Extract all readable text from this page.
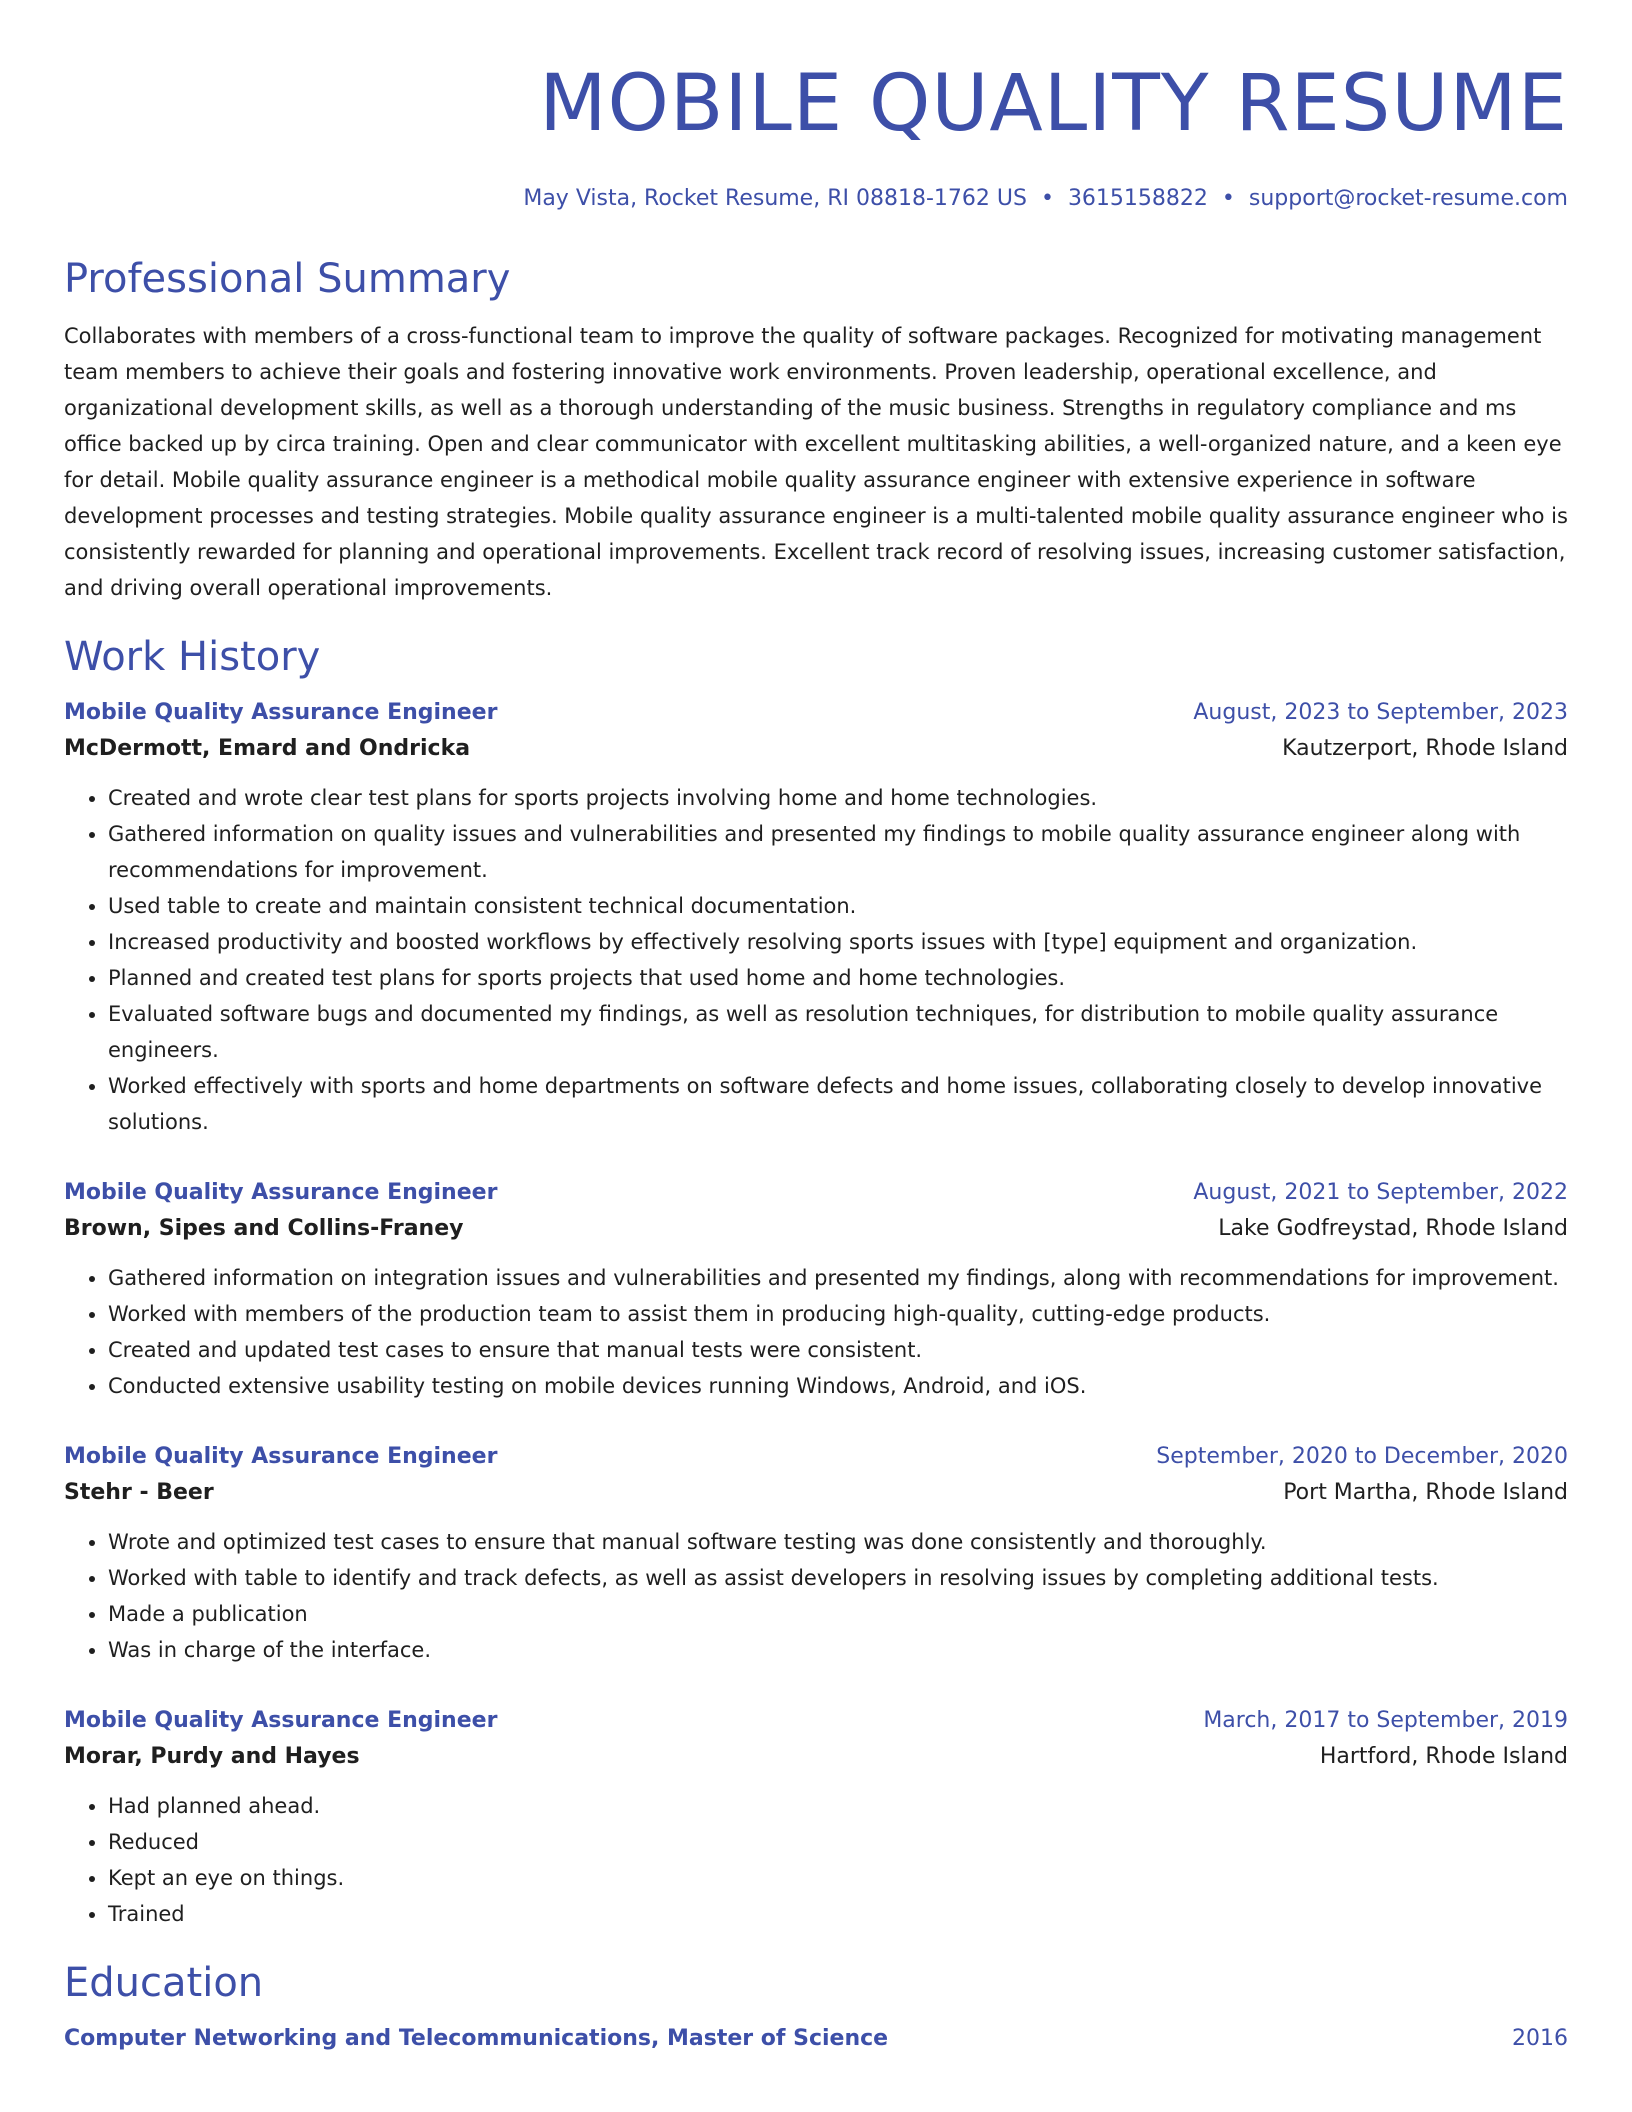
MOBILE QUALITY RESUME
May Vista, Rocket Resume, RI 08818-1762 US • 3615158822 • support@rocket-resume.com
Professional Summary
Collaborates with members of a cross-functional team to improve the quality of software packages. Recognized for motivating management team members to achieve their goals and fostering innovative work environments. Proven leadership, operational excellence, and organizational development skills, as well as a thorough understanding of the music business. Strengths in regulatory compliance and ms office backed up by circa training. Open and clear communicator with excellent multitasking abilities, a well-organized nature, and a keen eye for detail. Mobile quality assurance engineer is a methodical mobile quality assurance engineer with extensive experience in software development processes and testing strategies. Mobile quality assurance engineer is a multi-talented mobile quality assurance engineer who is consistently rewarded for planning and operational improvements. Excellent track record of resolving issues, increasing customer satisfaction, and driving overall operational improvements.
Work History
Mobile Quality Assurance Engineer	August, 2023 to September, 2023
McDermott, Emard and Ondricka	Kautzerport, Rhode Island
• Created and wrote clear test plans for sports projects involving home and home technologies.
• Gathered information on quality issues and vulnerabilities and presented my findings to mobile quality assurance engineer along with recommendations for improvement.
• Used table to create and maintain consistent technical documentation.
• Increased productivity and boosted workflows by effectively resolving sports issues with [type] equipment and organization.
• Planned and created test plans for sports projects that used home and home technologies.
• Evaluated software bugs and documented my findings, as well as resolution techniques, for distribution to mobile quality assurance engineers.
• Worked effectively with sports and home departments on software defects and home issues, collaborating closely to develop innovative solutions.
Mobile Quality Assurance Engineer	August, 2021 to September, 2022
Brown, Sipes and Collins-Franey	Lake Godfreystad, Rhode Island
• Gathered information on integration issues and vulnerabilities and presented my findings, along with recommendations for improvement.
• Worked with members of the production team to assist them in producing high-quality, cutting-edge products.
• Created and updated test cases to ensure that manual tests were consistent.
• Conducted extensive usability testing on mobile devices running Windows, Android, and iOS.
Mobile Quality Assurance Engineer	September, 2020 to December, 2020
Stehr - Beer	Port Martha, Rhode Island
• Wrote and optimized test cases to ensure that manual software testing was done consistently and thoroughly.
• Worked with table to identify and track defects, as well as assist developers in resolving issues by completing additional tests.
• Made a publication
• Was in charge of the interface.
Mobile Quality Assurance Engineer	March, 2017 to September, 2019
Morar, Purdy and Hayes	Hartford, Rhode Island
• Had planned ahead.
• Reduced
• Kept an eye on things.
• Trained
Education
Computer Networking and Telecommunications, Master of Science	2016
